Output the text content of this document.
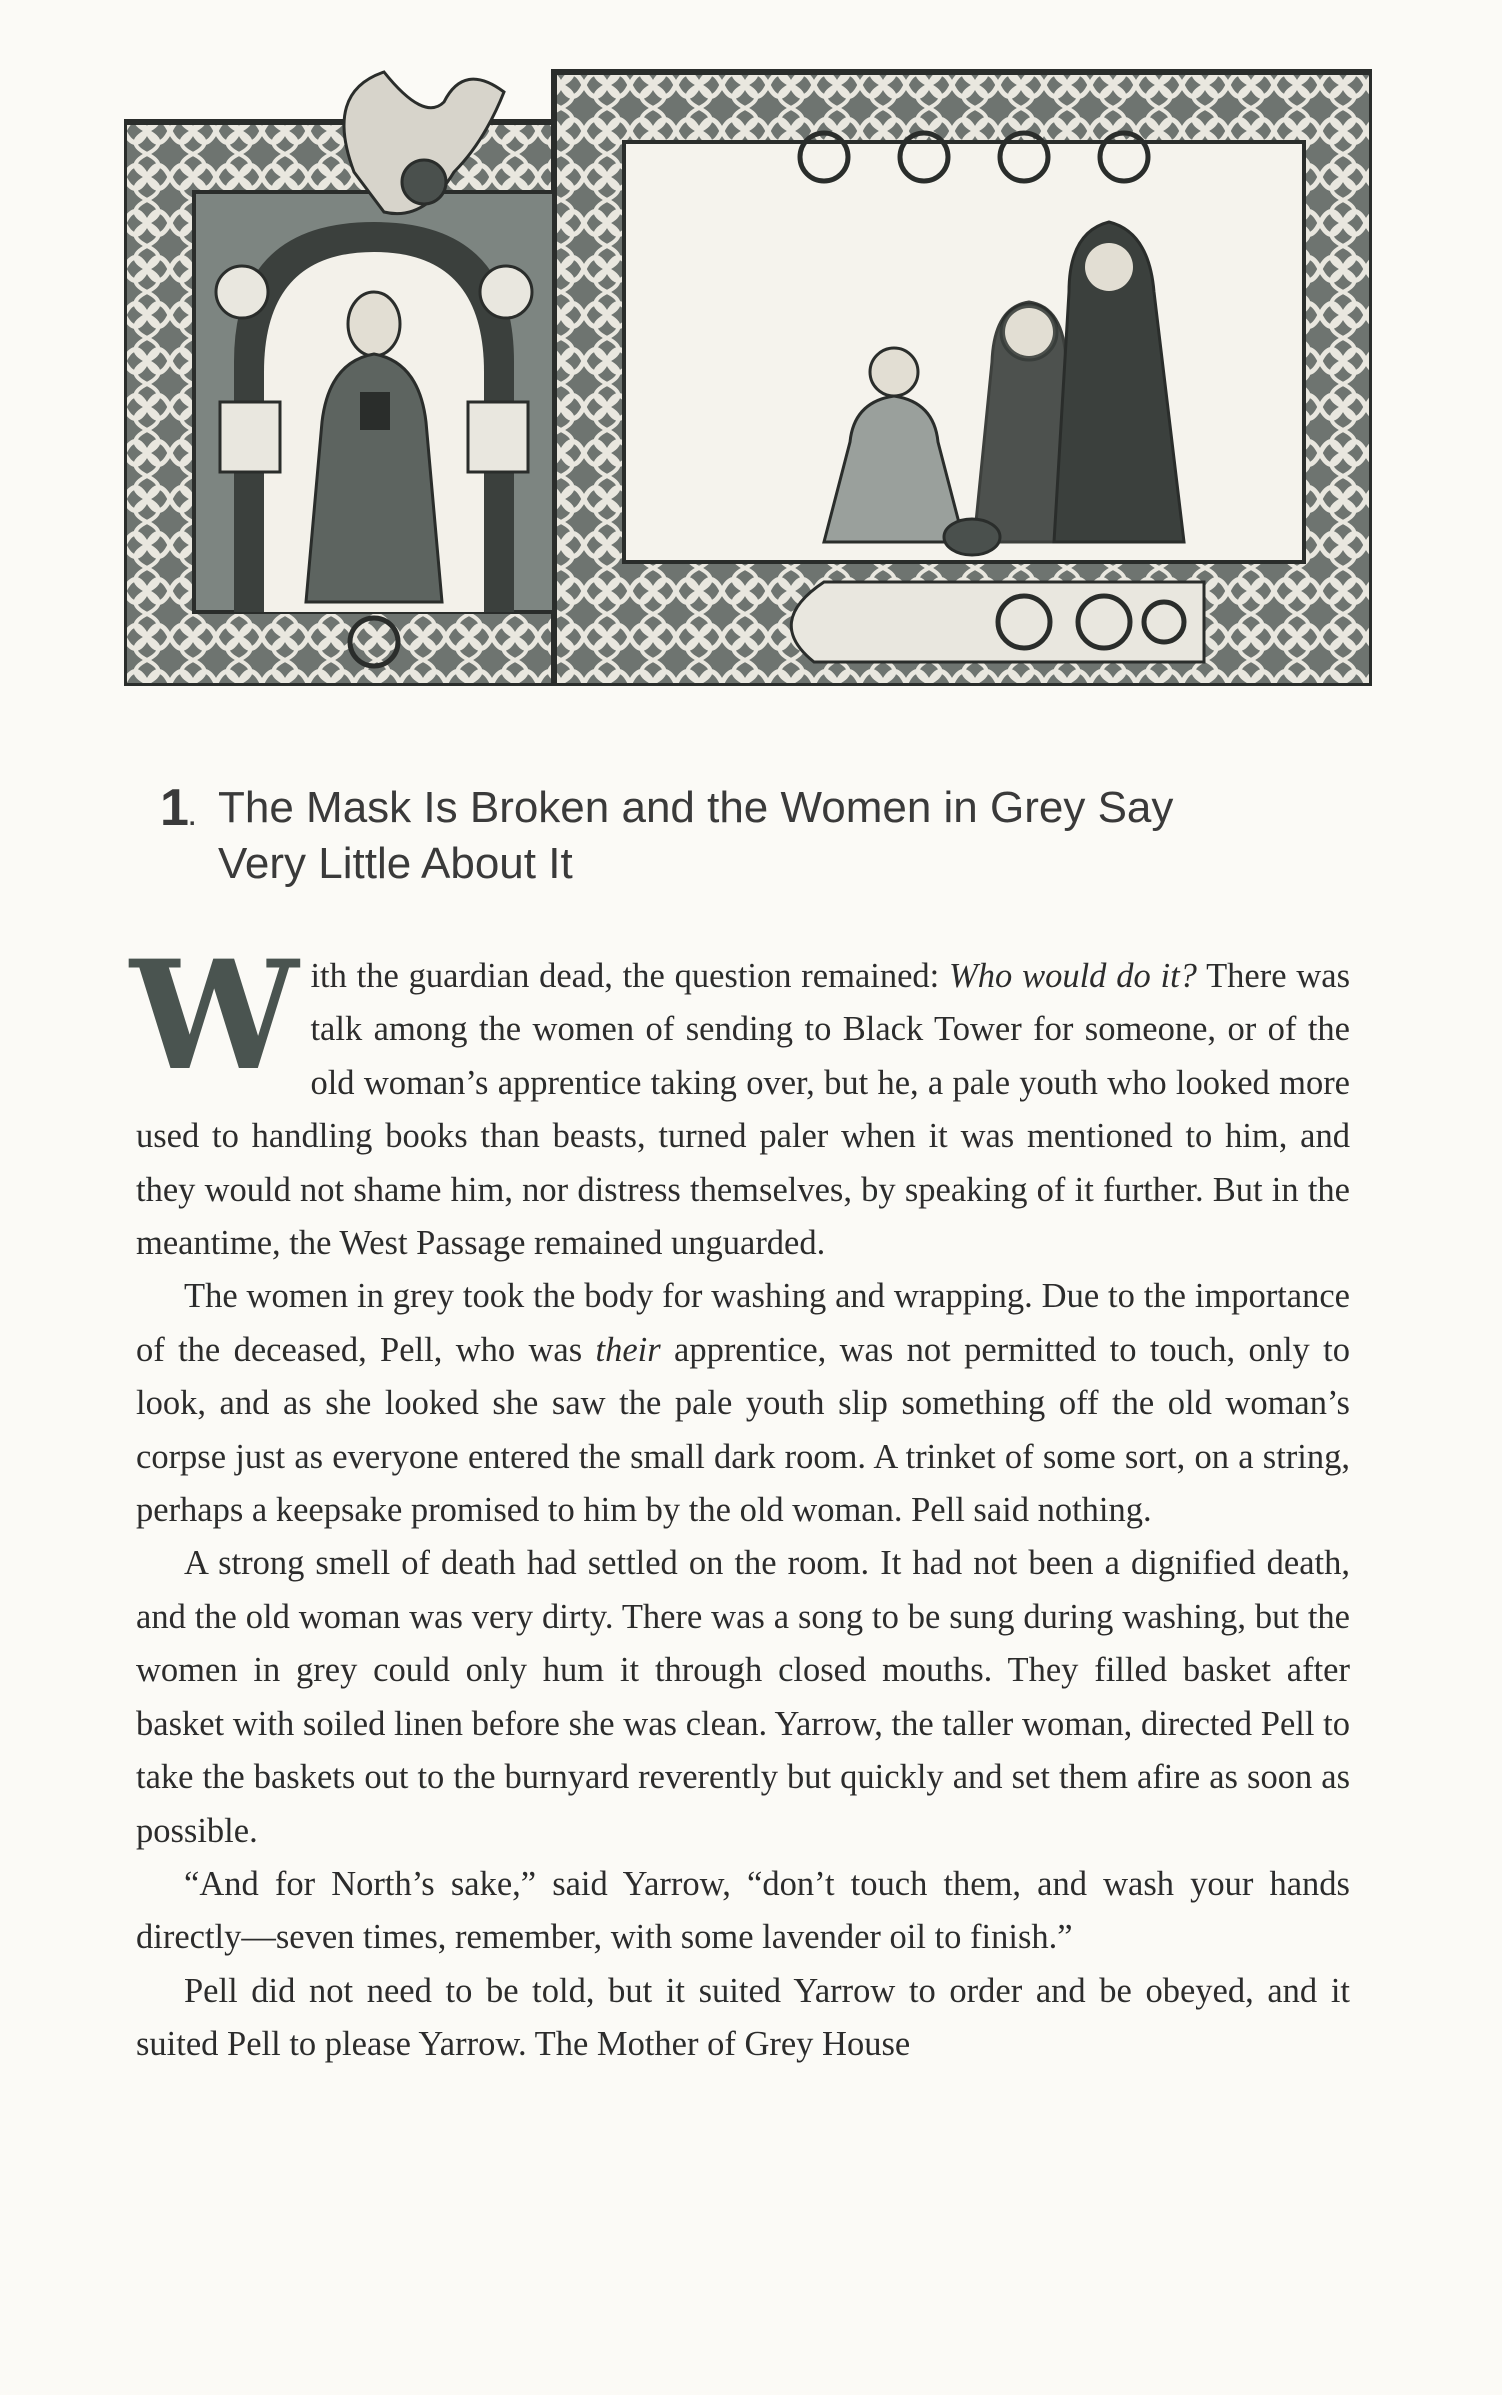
1. The Mask Is Broken and the Women in Grey Say
Very Little About It

With the guardian dead, the question remained: Who would do it? There was talk among the women of sending to Black Tower for someone, or of the old woman’s apprentice taking over, but he, a pale youth who looked more used to handling books than beasts, turned paler when it was mentioned to him, and they would not shame him, nor distress themselves, by speaking of it further. But in the meantime, the West Passage remained unguarded.

The women in grey took the body for washing and wrapping. Due to the importance of the deceased, Pell, who was their apprentice, was not permitted to touch, only to look, and as she looked she saw the pale youth slip something off the old woman’s corpse just as everyone entered the small dark room. A trinket of some sort, on a string, perhaps a keepsake promised to him by the old woman. Pell said nothing.

A strong smell of death had settled on the room. It had not been a dignified death, and the old woman was very dirty. There was a song to be sung during washing, but the women in grey could only hum it through closed mouths. They filled basket after basket with soiled linen before she was clean. Yarrow, the taller woman, directed Pell to take the baskets out to the burnyard reverently but quickly and set them afire as soon as possible.

“And for North’s sake,” said Yarrow, “don’t touch them, and wash your hands directly—seven times, remember, with some lavender oil to finish.”

Pell did not need to be told, but it suited Yarrow to order and be obeyed, and it suited Pell to please Yarrow. The Mother of Grey House
